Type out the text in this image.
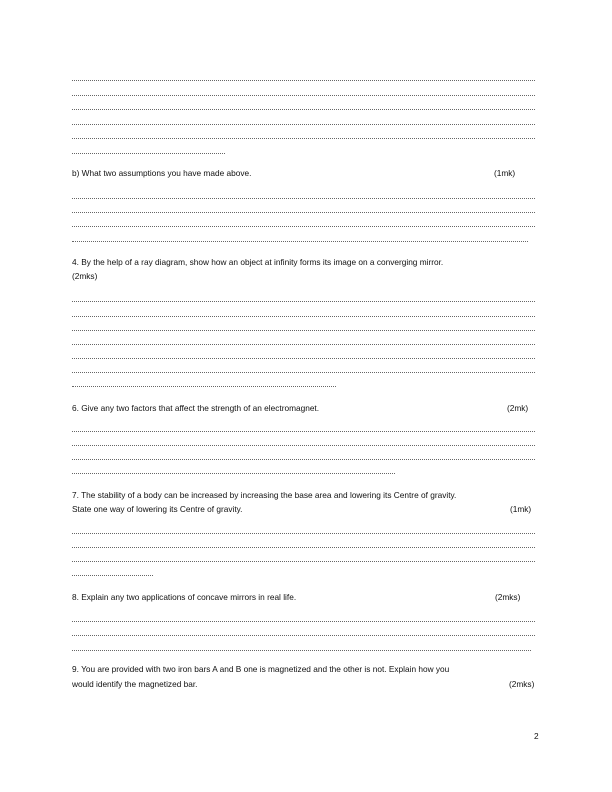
b) What two assumptions you have made above.	(1mk)
4. By the help of a ray diagram, show how an object at infinity forms its image on a converging mirror.
(2mks)
6. Give any two factors that affect the strength of an electromagnet.	(2mk)
7. The stability of a body can be increased by increasing the base area and lowering its Centre of gravity.
State one way of lowering its Centre of gravity.	(1mk)
8. Explain any two applications of concave mirrors in real life.	(2mks)
9. You are provided with two iron bars A and B one is magnetized and the other is not. Explain how you
would identify the magnetized bar.	(2mks)
2
